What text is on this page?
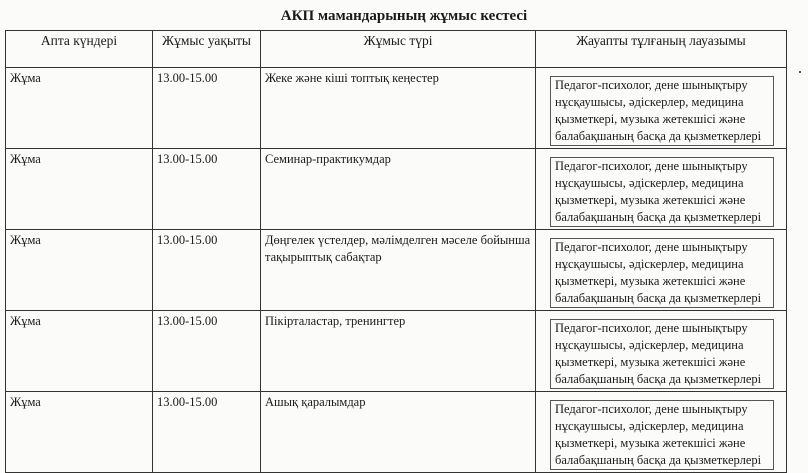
АКП мамандарының жұмыс кестесі
Апта күндері	Жұмыс уақыты	Жұмыс түрі	Жауапты тұлғаның лауазымы
Жұма	13.00-15.00	Жеке және кіші топтық кеңестер	Педагог-психолог, дене шынықтыру нұсқаушысы, әдіскерлер, медицина қызметкері, музыка жетекшісі және балабақшаның басқа да қызметкерлері

Жұма	13.00-15.00	Семинар-практикумдар	Педагог-психолог, дене шынықтыру нұсқаушысы, әдіскерлер, медицина қызметкері, музыка жетекшісі және балабақшаның басқа да қызметкерлері

Жұма	13.00-15.00	Дөңгелек үстелдер, мәлімделген мәселе бойынша тақырыптық сабақтар	Педагог-психолог, дене шынықтыру нұсқаушысы, әдіскерлер, медицина қызметкері, музыка жетекшісі және балабақшаның басқа да қызметкерлері

Жұма	13.00-15.00	Пікірталастар, тренингтер	Педагог-психолог, дене шынықтыру нұсқаушысы, әдіскерлер, медицина қызметкері, музыка жетекшісі және балабақшаның басқа да қызметкерлері

Жұма	13.00-15.00	Ашық қаралымдар	Педагог-психолог, дене шынықтыру нұсқаушысы, әдіскерлер, медицина қызметкері, музыка жетекшісі және балабақшаның басқа да қызметкерлері
